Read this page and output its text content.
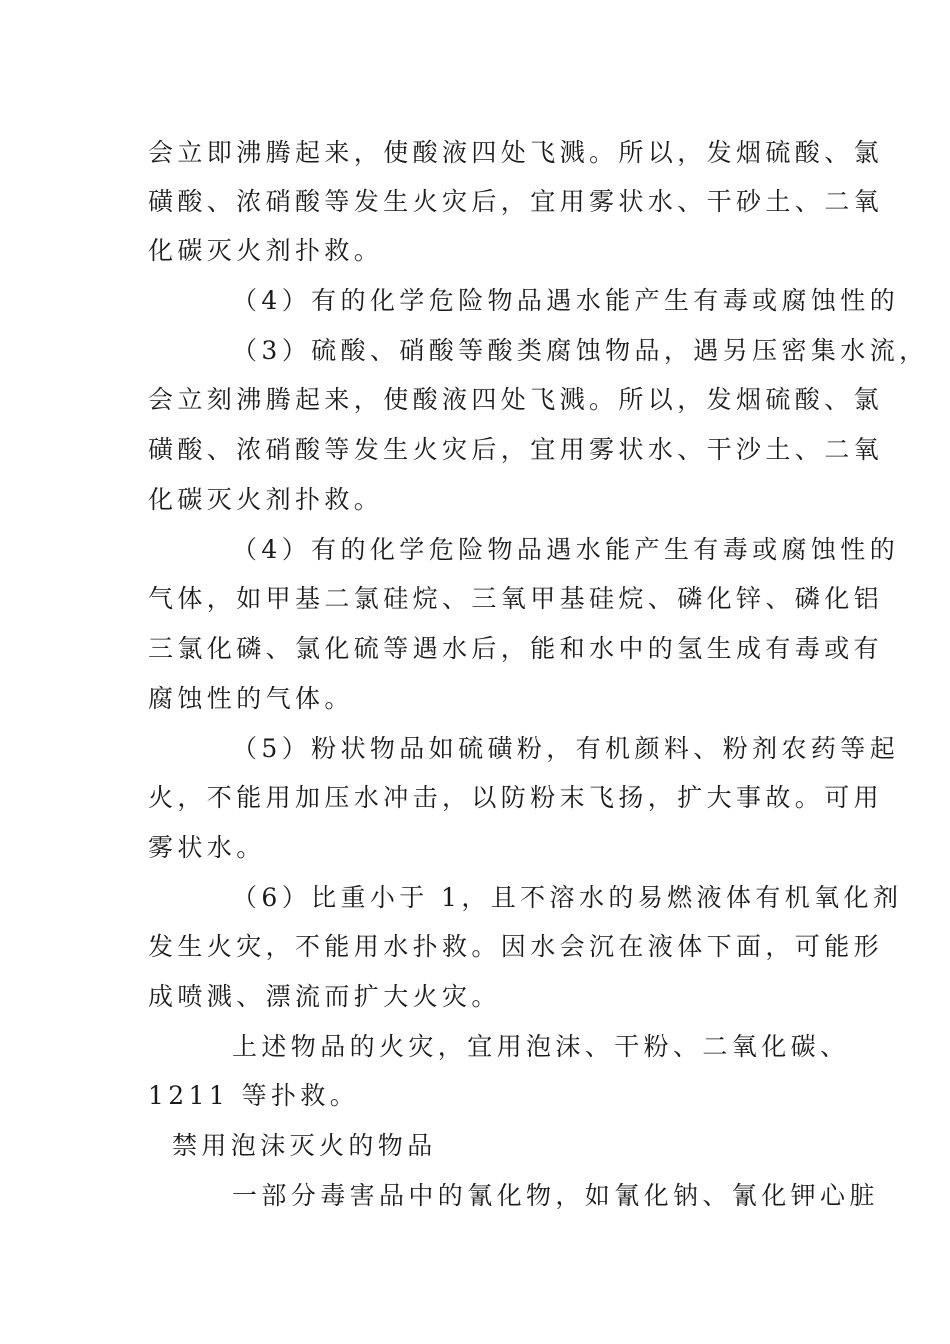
会立即沸腾起来，使酸液四处飞溅。所以，发烟硫酸、氯
磺酸、浓硝酸等发生火灾后，宜用雾状水、干砂土、二氧
化碳灭火剂扑救。
（4）有的化学危险物品遇水能产生有毒或腐蚀性的
（3）硫酸、硝酸等酸类腐蚀物品，遇另压密集水流，
会立刻沸腾起来，使酸液四处飞溅。所以，发烟硫酸、氯
磺酸、浓硝酸等发生火灾后，宜用雾状水、干沙土、二氧
化碳灭火剂扑救。
（4）有的化学危险物品遇水能产生有毒或腐蚀性的
气体，如甲基二氯硅烷、三氧甲基硅烷、磷化锌、磷化铝
三氯化磷、氯化硫等遇水后，能和水中的氢生成有毒或有
腐蚀性的气体。
（5）粉状物品如硫磺粉，有机颜料、粉剂农药等起
火，不能用加压水冲击，以防粉末飞扬，扩大事故。可用
雾状水。
（6）比重小于 1，且不溶水的易燃液体有机氧化剂
发生火灾，不能用水扑救。因水会沉在液体下面，可能形
成喷溅、漂流而扩大火灾。
上述物品的火灾，宜用泡沫、干粉、二氧化碳、
1211 等扑救。
禁用泡沫灭火的物品
一部分毒害品中的氰化物，如氰化钠、氰化钾心脏
